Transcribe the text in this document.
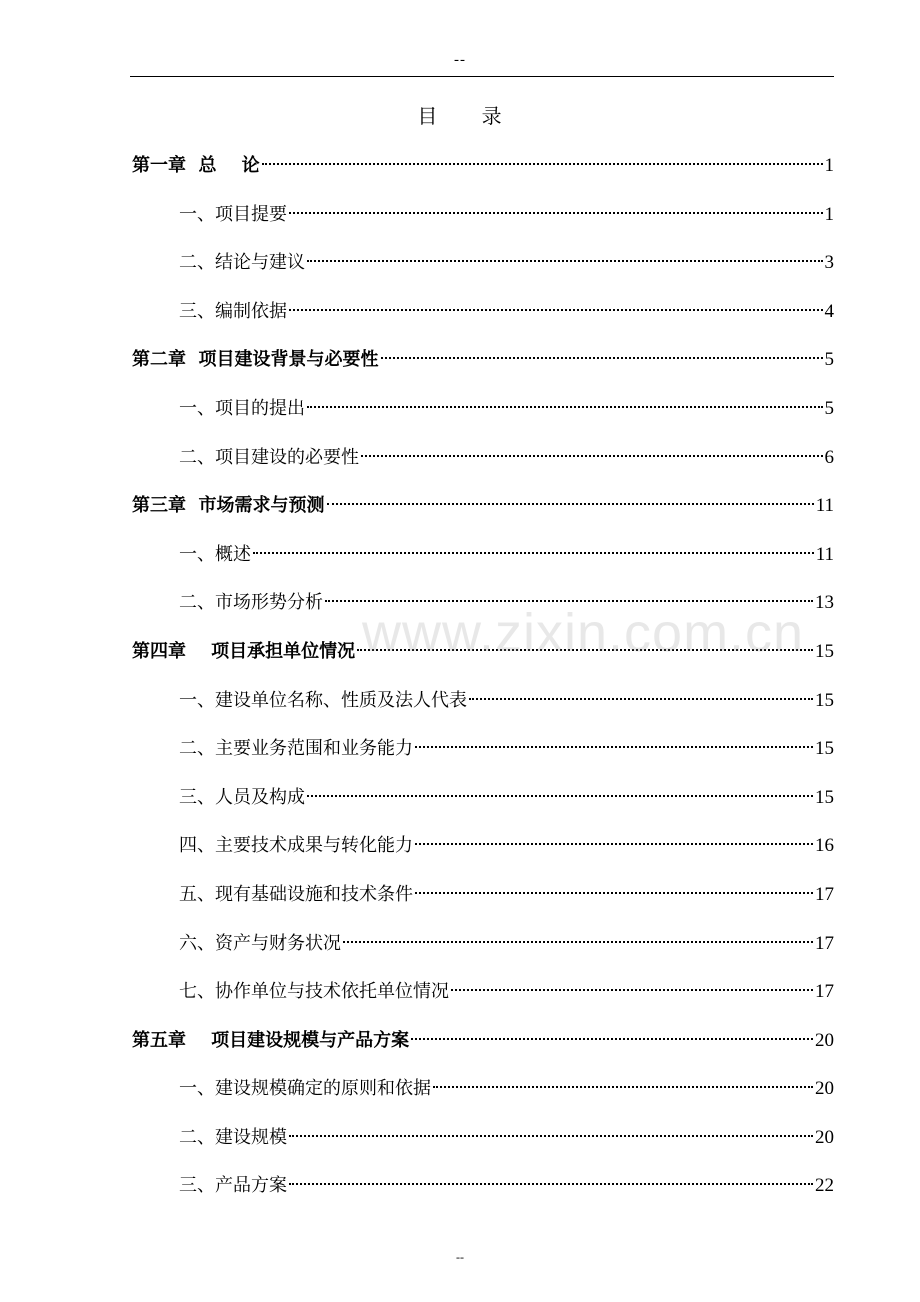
--
目 录
第一章  总    论	1
一、项目提要	1
二、结论与建议	3
三、编制依据	4
第二章  项目建设背景与必要性	5
一、项目的提出	5
二、项目建设的必要性	6
第三章  市场需求与预测	11
一、概述	11
二、市场形势分析	13
第四章    项目承担单位情况	15
一、建设单位名称、性质及法人代表	15
二、主要业务范围和业务能力	15
三、人员及构成	15
四、主要技术成果与转化能力	16
五、现有基础设施和技术条件	17
六、资产与财务状况	17
七、协作单位与技术依托单位情况	17
第五章    项目建设规模与产品方案	20
一、建设规模确定的原则和依据	20
二、建设规模	20
三、产品方案	22
www.zixin.com.cn
--
